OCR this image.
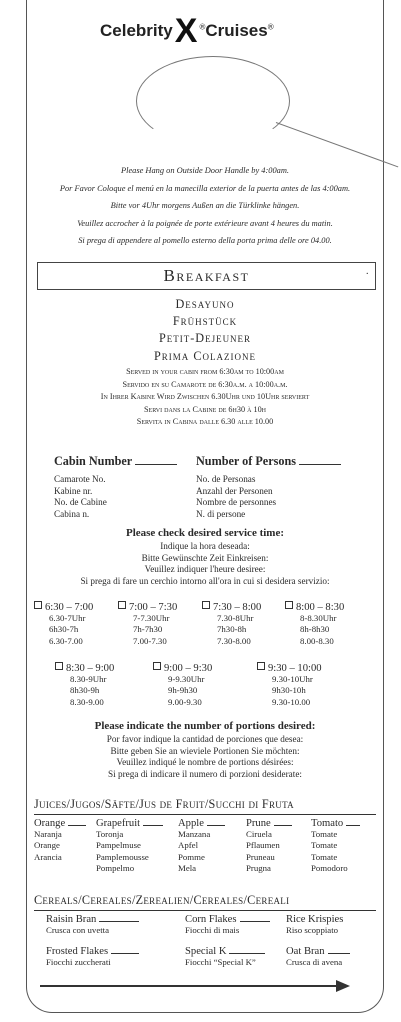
CelebrityX ®Cruises®
Please Hang on Outside Door Handle by 4:00am.
Por Favor Coloque el menú en la manecilla exterior de la puerta antes de las 4:00am.
Bitte vor 4Uhr morgens Außen an die Türklinke hängen.
Veuillez accrocher à la poignée de porte extérieure avant 4 heures du matin.
Si prega di appendere al pomello esterno della porta prima delle ore 04.00.
Breakfast	.
Desayuno
Frühstück
Petit-Dejeuner
Prima Colazione
Served in your cabin from 6:30am to 10:00am
Servido en su Camarote de 6:30a.m. a 10:00a.m.
In Ihrer Kabine Wird Zwischen 6.30Uhr und 10Uhr serviert
Servi dans la Cabine de 6h30 à 10h
Servita in Cabina dalle 6.30 alle 10.00
Cabin Number
Camarote No.
Kabine nr.
No. de Cabine
Cabina n.
Number of Persons
No. de Personas
Anzahl der Personen
Nombre de personnes
N. di persone
Please check desired service time:
Indique la hora deseada:
Bitte Gewünschte Zeit Einkreisen:
Veuillez indiquer l'heure desiree:
Si prega di fare un cerchio intorno all'ora in cui si desidera servizio:
6:30 – 7:00
6.30-7Uhr
6h30-7h
6.30-7.00
7:00 – 7:30
7-7.30Uhr
7h-7h30
7.00-7.30
7:30 – 8:00
7.30-8Uhr
7h30-8h
7.30-8.00
8:00 – 8:30
8-8.30Uhr
8h-8h30
8.00-8.30
8:30 – 9:00
8.30-9Uhr
8h30-9h
8.30-9.00
9:00 – 9:30
9-9.30Uhr
9h-9h30
9.00-9.30
9:30 – 10:00
9.30-10Uhr
9h30-10h
9.30-10.00
Please indicate the number of portions desired:
Por favor indique la cantidad de porciones que desea:
Bitte geben Sie an wieviele Portionen Sie möchten:
Veuillez indiqué le nombre de portions désirées:
Si prega di indicare il numero di porzioni desiderate:
Juices/Jugos/Säfte/Jus de Fruit/Succhi di Fruta
Orange
Naranja
Orange
Arancia
Grapefruit
Toronja
Pampelmuse
Pamplemousse
Pompelmo
Apple
Manzana
Apfel
Pomme
Mela
Prune
Ciruela
Pflaumen
Pruneau
Prugna
Tomato
Tomate
Tomate
Tomate
Pomodoro
Cereals/Cereales/Zerealien/Cereales/Cereali
Raisin Bran
Crusca con uvetta
Corn Flakes
Fiocchi di mais
Rice Krispies
Riso scoppiato
Frosted Flakes
Fiocchi zuccherati
Special K
Fiocchi “Special K”
Oat Bran
Crusca di avena
